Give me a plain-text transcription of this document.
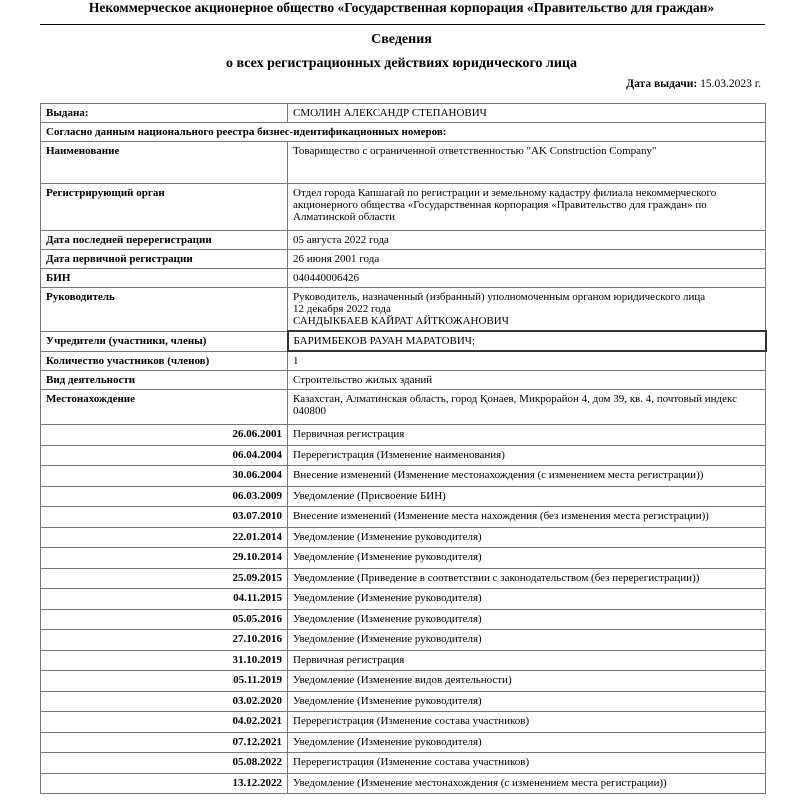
Некоммерческое акционерное общество «Государственная корпорация «Правительство для граждан»
Сведения
о всех регистрационных действиях юридического лица
Дата выдачи: 15.03.2023 г.
Выдана:	СМОЛИН АЛЕКСАНДР СТЕПАНОВИЧ
Согласно данным национального реестра бизнес-идентификационных номеров:	
Наименование	Товарищество с ограниченной ответственностью "AK Construction Company"
Регистрирующий орган	Отдел города Капшагай по регистрации и земельному кадастру филиала некоммерческого акционерного общества «Государственная корпорация «Правительство для граждан» по Алматинской области
Дата последней перерегистрации	05 августа 2022 года
Дата первичной регистрации	26 июня 2001 года
БИН	040440006426
Руководитель	Руководитель, назначенный (избранный) уполномоченным органом юридического лица
12 декабря 2022 года
САНДЫКБАЕВ КАЙРАТ АЙТКОЖАНОВИЧ

Учредители (участники, члены)	БАРИМБЕКОВ РАУАН МАРАТОВИЧ;
Количество участников (членов)	1
Вид деятельности	Строительство жилых зданий
Местонахождение	Казахстан, Алматинская область, город Қонаев, Микрорайон 4, дом 39, кв. 4, почтовый индекс 040800
26.06.2001	Первичная регистрация
06.04.2004	Перерегистрация (Изменение наименования)
30.06.2004	Внесение изменений (Изменение местонахождения (с изменением места регистрации))
06.03.2009	Уведомление (Присвоение БИН)
03.07.2010	Внесение изменений (Изменение места нахождения (без изменения места регистрации))
22.01.2014	Уведомление (Изменение руководителя)
29.10.2014	Уведомление (Изменение руководителя)
25.09.2015	Уведомление (Приведение в соответствии с законодательством (без перерегистрации))
04.11.2015	Уведомление (Изменение руководителя)
05.05.2016	Уведомление (Изменение руководителя)
27.10.2016	Уведомление (Изменение руководителя)
31.10.2019	Первичная регистрация
05.11.2019	Уведомление (Изменение видов деятельности)
03.02.2020	Уведомление (Изменение руководителя)
04.02.2021	Перерегистрация (Изменение состава участников)
07.12.2021	Уведомление (Изменение руководителя)
05.08.2022	Перерегистрация (Изменение состава участников)
13.12.2022	Уведомление (Изменение местонахождения (с изменением места регистрации))
